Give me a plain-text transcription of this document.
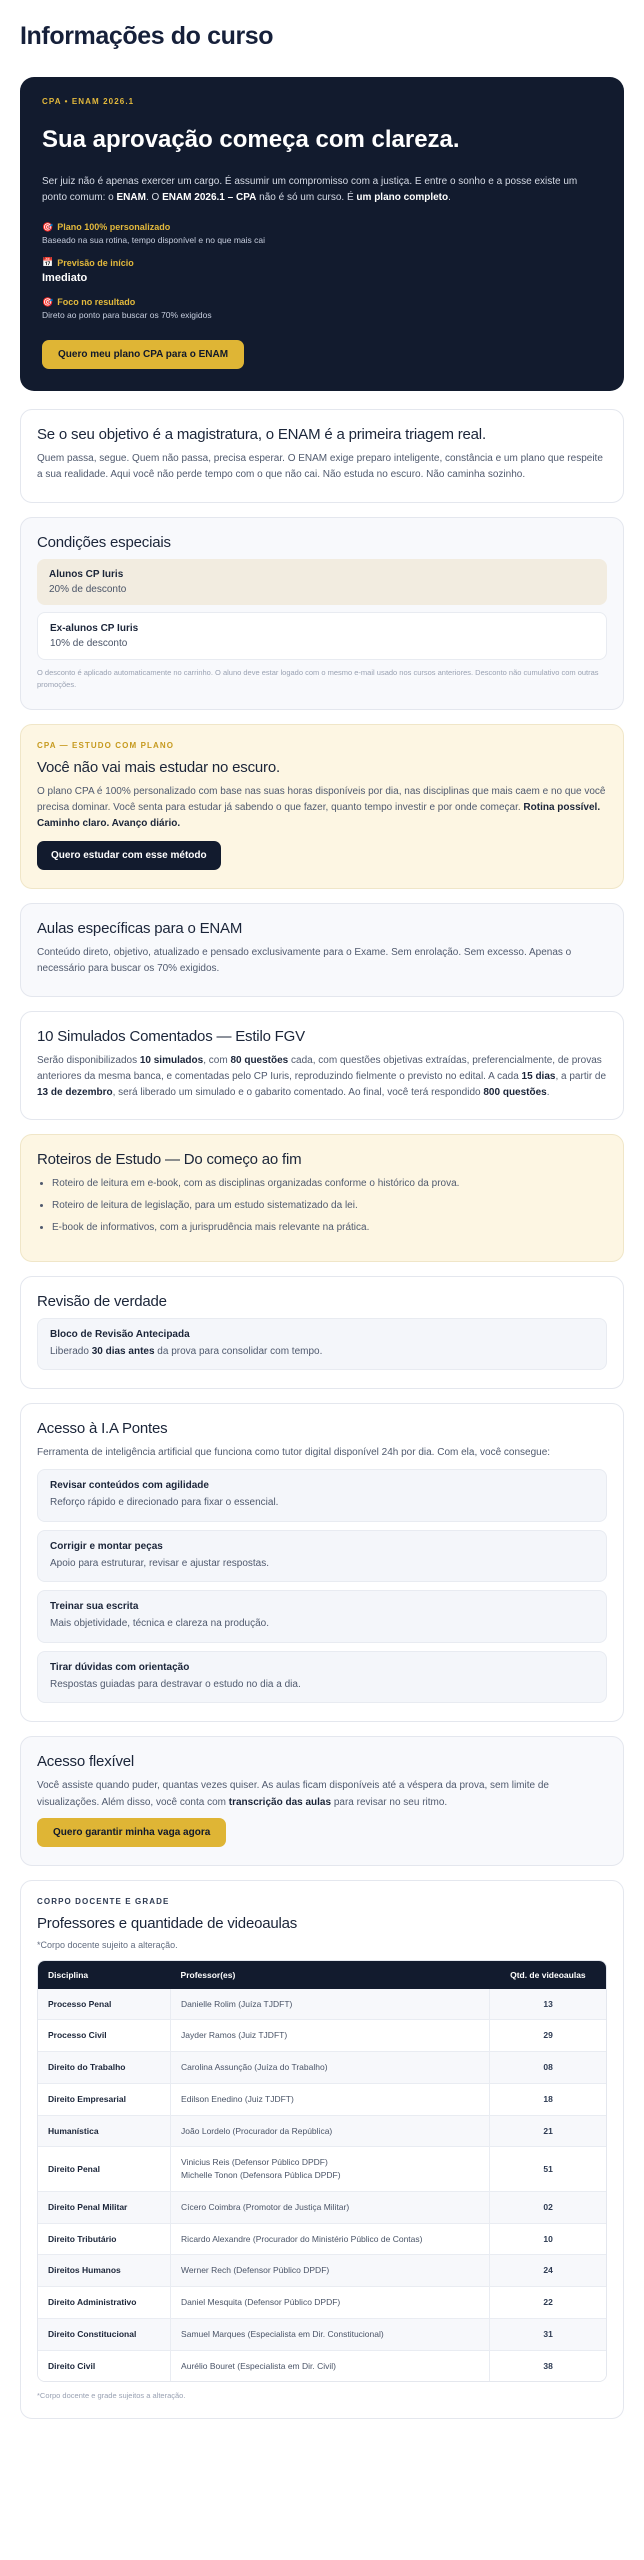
Informações do curso
CPA • ENAM 2026.1
Sua aprovação começa com clareza.

Ser juiz não é apenas exercer um cargo. É assumir um compromisso com a justiça. E entre o sonho e a posse existe um ponto comum: o ENAM. O ENAM 2026.1 – CPA não é só um curso. É um plano completo.

🎯 Plano 100% personalizado
Baseado na sua rotina, tempo disponível e no que mais cai
📅 Previsão de início
Imediato
🎯 Foco no resultado
Direto ao ponto para buscar os 70% exigidos
Quero meu plano CPA para o ENAM
Se o seu objetivo é a magistratura, o ENAM é a primeira triagem real.

Quem passa, segue. Quem não passa, precisa esperar. O ENAM exige preparo inteligente, constância e um plano que respeite a sua realidade. Aqui você não perde tempo com o que não cai. Não estuda no escuro. Não caminha sozinho.

Condições especiais
Alunos CP Iuris
20% de desconto
Ex-alunos CP Iuris
10% de desconto
O desconto é aplicado automaticamente no carrinho. O aluno deve estar logado com o mesmo e-mail usado nos cursos anteriores. Desconto não cumulativo com outras promoções.
CPA — ESTUDO COM PLANO
Você não vai mais estudar no escuro.

O plano CPA é 100% personalizado com base nas suas horas disponíveis por dia, nas disciplinas que mais caem e no que você precisa dominar. Você senta para estudar já sabendo o que fazer, quanto tempo investir e por onde começar. Rotina possível. Caminho claro. Avanço diário.

Quero estudar com esse método
Aulas específicas para o ENAM

Conteúdo direto, objetivo, atualizado e pensado exclusivamente para o Exame. Sem enrolação. Sem excesso. Apenas o necessário para buscar os 70% exigidos.

10 Simulados Comentados — Estilo FGV

Serão disponibilizados 10 simulados, com 80 questões cada, com questões objetivas extraídas, preferencialmente, de provas anteriores da mesma banca, e comentadas pelo CP Iuris, reproduzindo fielmente o previsto no edital. A cada 15 dias, a partir de 13 de dezembro, será liberado um simulado e o gabarito comentado. Ao final, você terá respondido 800 questões.

Roteiros de Estudo — Do começo ao fim
• Roteiro de leitura em e-book, com as disciplinas organizadas conforme o histórico da prova.
• Roteiro de leitura de legislação, para um estudo sistematizado da lei.
• E-book de informativos, com a jurisprudência mais relevante na prática.
Revisão de verdade
Bloco de Revisão Antecipada
Liberado 30 dias antes da prova para consolidar com tempo.
Acesso à I.A Pontes

Ferramenta de inteligência artificial que funciona como tutor digital disponível 24h por dia. Com ela, você consegue:

Revisar conteúdos com agilidade
Reforço rápido e direcionado para fixar o essencial.
Corrigir e montar peças
Apoio para estruturar, revisar e ajustar respostas.
Treinar sua escrita
Mais objetividade, técnica e clareza na produção.
Tirar dúvidas com orientação
Respostas guiadas para destravar o estudo no dia a dia.
Acesso flexível

Você assiste quando puder, quantas vezes quiser. As aulas ficam disponíveis até a véspera da prova, sem limite de visualizações. Além disso, você conta com transcrição das aulas para revisar no seu ritmo.

Quero garantir minha vaga agora
CORPO DOCENTE E GRADE
Professores e quantidade de videoaulas
*Corpo docente sujeito a alteração.
Disciplina	Professor(es)	Qtd. de videoaulas
Processo Penal	Danielle Rolim (Juíza TJDFT)	13
Processo Civil	Jayder Ramos (Juiz TJDFT)	29
Direito do Trabalho	Carolina Assunção (Juíza do Trabalho)	08
Direito Empresarial	Edilson Enedino (Juiz TJDFT)	18
Humanística	João Lordelo (Procurador da República)	21
Direito Penal	Vinicius Reis (Defensor Público DPDF)
Michelle Tonon (Defensora Pública DPDF)	51
Direito Penal Militar	Cícero Coimbra (Promotor de Justiça Militar)	02
Direito Tributário	Ricardo Alexandre (Procurador do Ministério Público de Contas)	10
Direitos Humanos	Werner Rech (Defensor Público DPDF)	24
Direito Administrativo	Daniel Mesquita (Defensor Público DPDF)	22
Direito Constitucional	Samuel Marques (Especialista em Dir. Constitucional)	31
Direito Civil	Aurélio Bouret (Especialista em Dir. Civil)	38
*Corpo docente e grade sujeitos a alteração.
